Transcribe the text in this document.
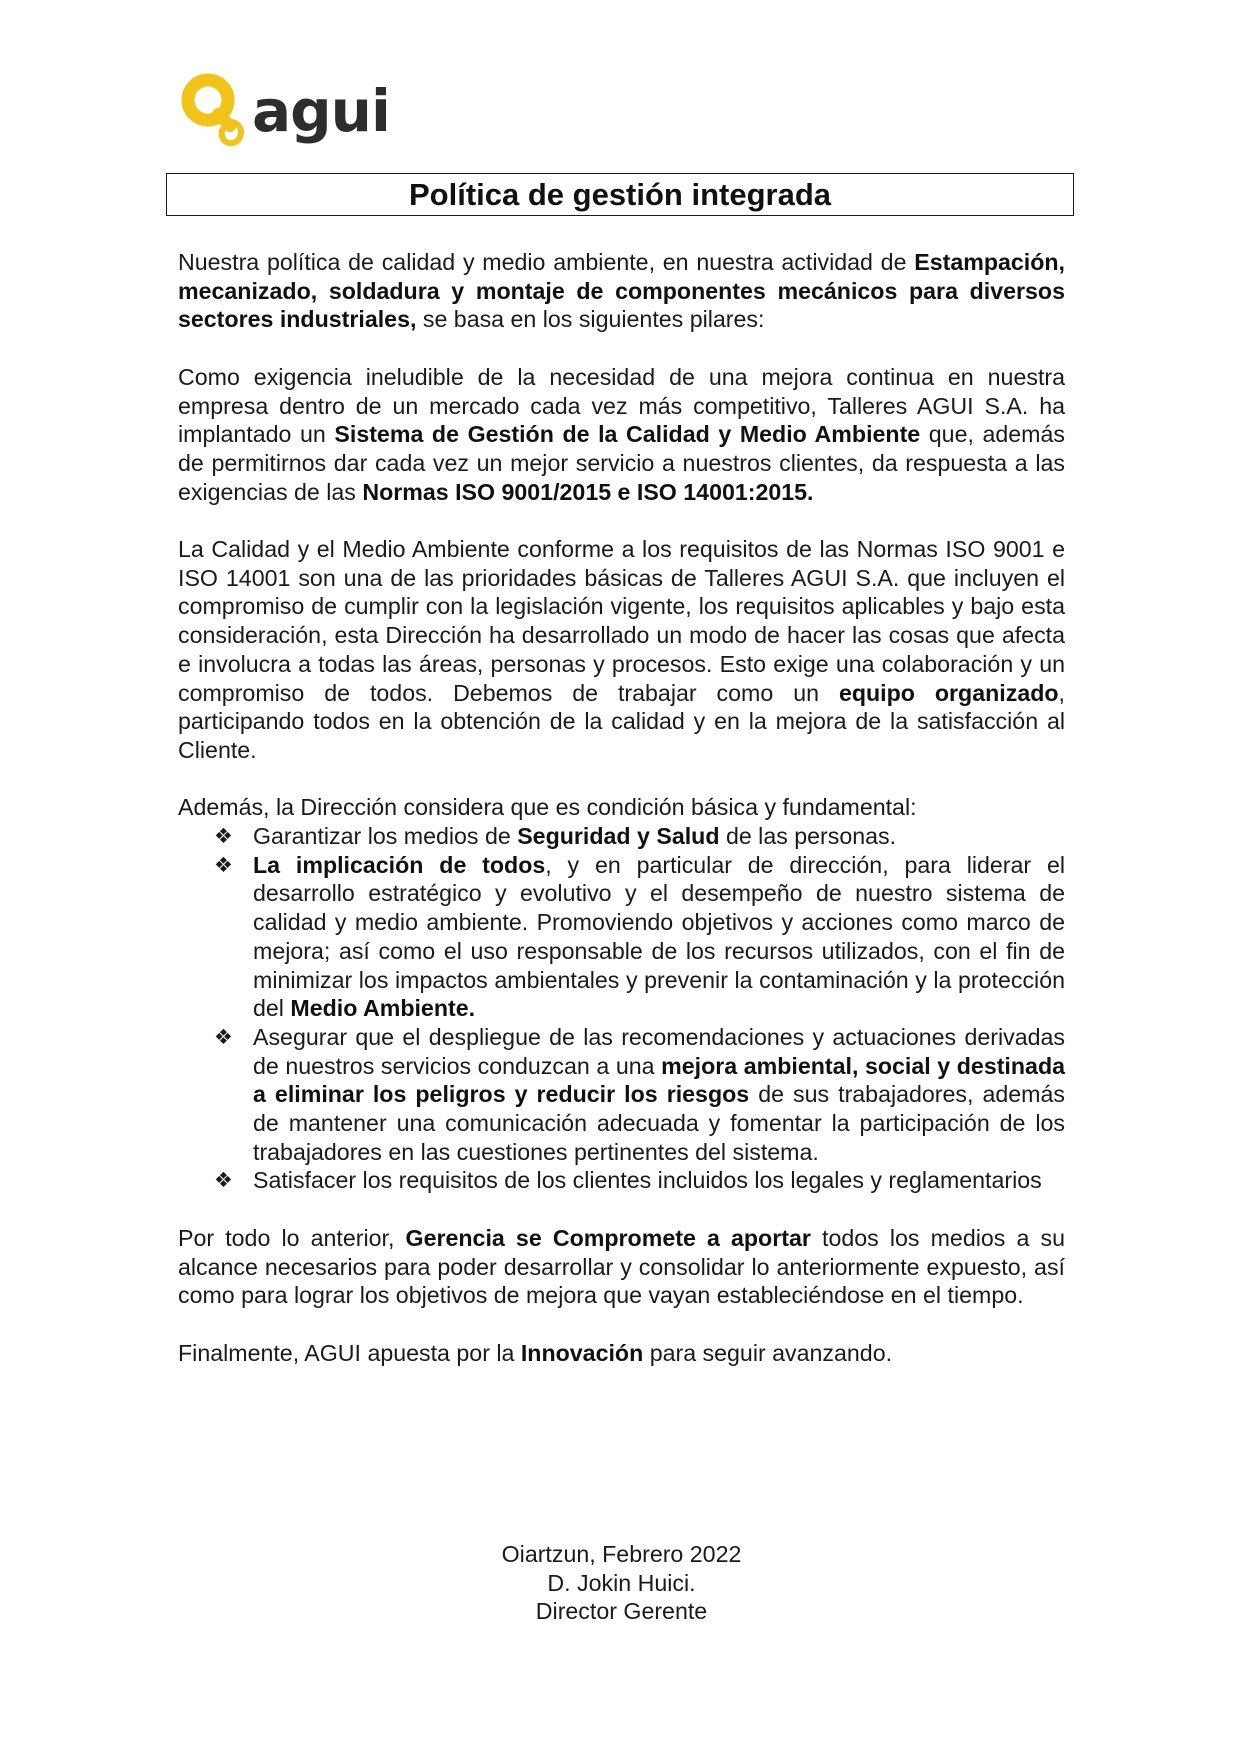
agui
Política de gestión integrada

Nuestra política de calidad y medio ambiente, en nuestra actividad de Estampación, mecanizado, soldadura y montaje de componentes mecánicos para diversos sectores industriales, se basa en los siguientes pilares:

Como exigencia ineludible de la necesidad de una mejora continua en nuestra empresa dentro de un mercado cada vez más competitivo, Talleres AGUI S.A. ha implantado un Sistema de Gestión de la Calidad y Medio Ambiente que, además de permitirnos dar cada vez un mejor servicio a nuestros clientes, da respuesta a las exigencias de las Normas ISO 9001/2015 e ISO 14001:2015.

La Calidad y el Medio Ambiente conforme a los requisitos de las Normas ISO 9001 e ISO 14001 son una de las prioridades básicas de Talleres AGUI S.A. que incluyen el compromiso de cumplir con la legislación vigente, los requisitos aplicables y bajo esta consideración, esta Dirección ha desarrollado un modo de hacer las cosas que afecta e involucra a todas las áreas, personas y procesos. Esto exige una colaboración y un compromiso de todos. Debemos de trabajar como un equipo organizado, participando todos en la obtención de la calidad y en la mejora de la satisfacción al Cliente.

Además, la Dirección considera que es condición básica y fundamental:

❖ Garantizar los medios de Seguridad y Salud de las personas.
❖ La implicación de todos, y en particular de dirección, para liderar el desarrollo estratégico y evolutivo y el desempeño de nuestro sistema de calidad y medio ambiente. Promoviendo objetivos y acciones como marco de mejora; así como el uso responsable de los recursos utilizados, con el fin de minimizar los impactos ambientales y prevenir la contaminación y la protección del Medio Ambiente.
❖ Asegurar que el despliegue de las recomendaciones y actuaciones derivadas de nuestros servicios conduzcan a una mejora ambiental, social y destinada a eliminar los peligros y reducir los riesgos de sus trabajadores, además de mantener una comunicación adecuada y fomentar la participación de los trabajadores en las cuestiones pertinentes del sistema.
❖ Satisfacer los requisitos de los clientes incluidos los legales y reglamentarios

Por todo lo anterior, Gerencia se Compromete a aportar todos los medios a su alcance necesarios para poder desarrollar y consolidar lo anteriormente expuesto, así como para lograr los objetivos de mejora que vayan estableciéndose en el tiempo.

Finalmente, AGUI apuesta por la Innovación para seguir avanzando.

Oiartzun, Febrero 2022
D. Jokin Huici.
Director Gerente
